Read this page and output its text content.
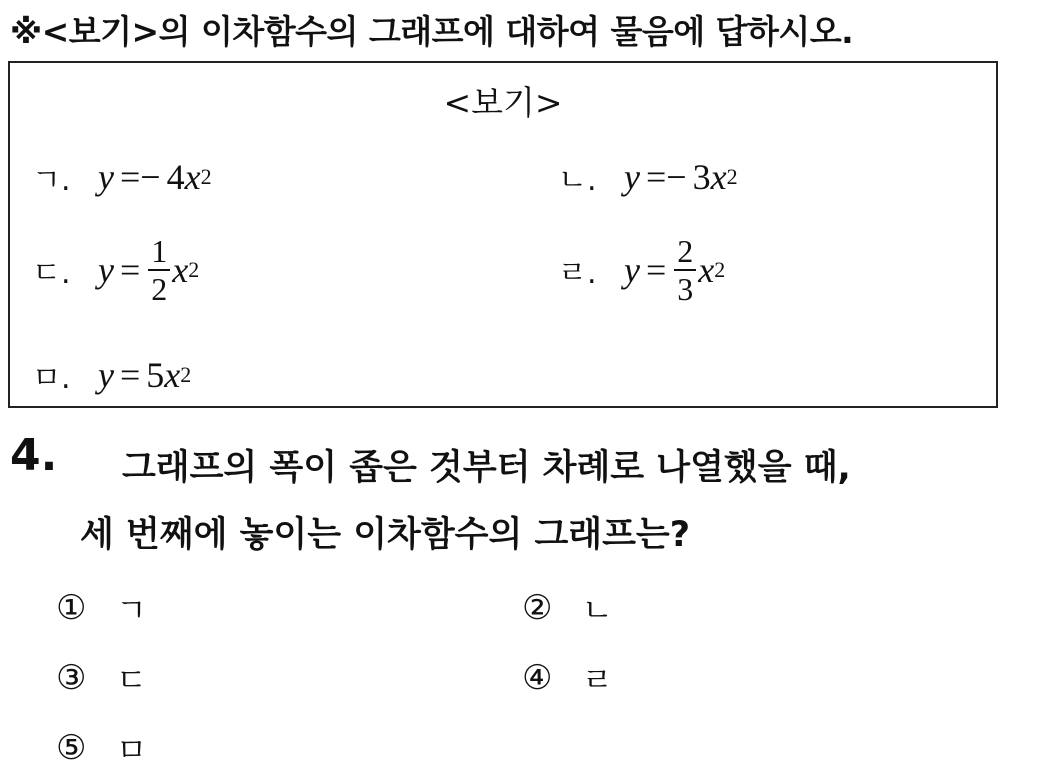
※<보기>의 이차함수의 그래프에 대하여 물음에 답하시오.
<보기>
ㄱ. y = − 4 x 2	ㄴ. y = − 3 x 2
ㄷ. $y = \frac{1}{2}$ x 2	ㄹ. $y = \frac{2}{3}$ x 2
ㅁ. y = 5 x 2
4. 그래프의 폭이 좁은 것부터 차례로 나열했을 때,
세 번째에 놓이는 이차함수의 그래프는?
① ㄱ	② ㄴ
③ ㄷ	④ ㄹ
⑤ ㅁ
